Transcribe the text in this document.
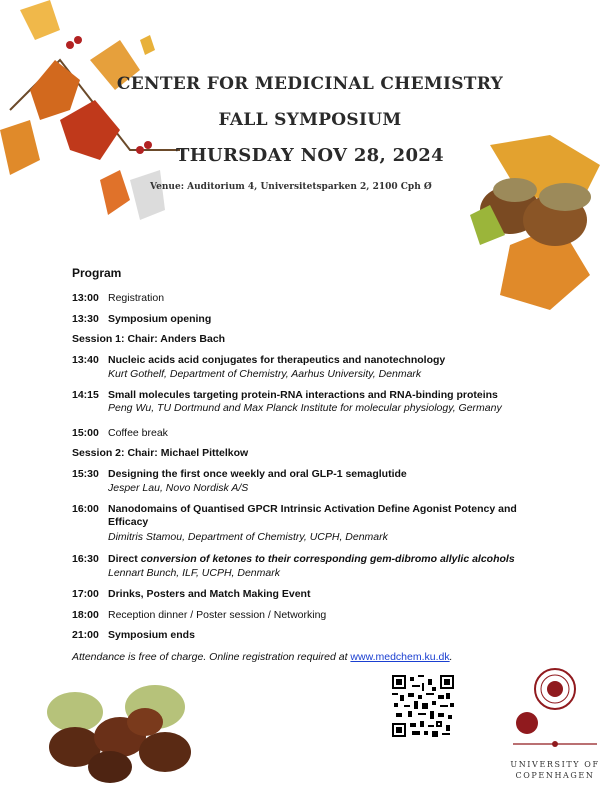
CENTER FOR MEDICINAL CHEMISTRY
FALL SYMPOSIUM
THURSDAY NOV 28, 2024
Venue: Auditorium 4, Universitetsparken 2, 2100 Cph Ø
Program
13:00 Registration
13:30 Symposium opening
Session 1: Chair: Anders Bach
13:40 Nucleic acids acid conjugates for therapeutics and nanotechnology
Kurt Gothelf, Department of Chemistry, Aarhus University, Denmark
14:15 Small molecules targeting protein-RNA interactions and RNA-binding proteins
Peng Wu, TU Dortmund and Max Planck Institute for molecular physiology, Germany
15:00 Coffee break
Session 2: Chair: Michael Pittelkow
15:30 Designing the first once weekly and oral GLP-1 semaglutide
Jesper Lau, Novo Nordisk A/S
16:00 Nanodomains of Quantised GPCR Intrinsic Activation Define Agonist Potency and Efficacy
Dimitris Stamou, Department of Chemistry, UCPH, Denmark
16:30 Direct conversion of ketones to their corresponding gem-dibromo allylic alcohols
Lennart Bunch, ILF, UCPH, Denmark
17:00 Drinks, Posters and Match Making Event
18:00 Reception dinner / Poster session / Networking
21:00 Symposium ends
Attendance is free of charge. Online registration required at www.medchem.ku.dk.
UNIVERSITY OF
COPENHAGEN
